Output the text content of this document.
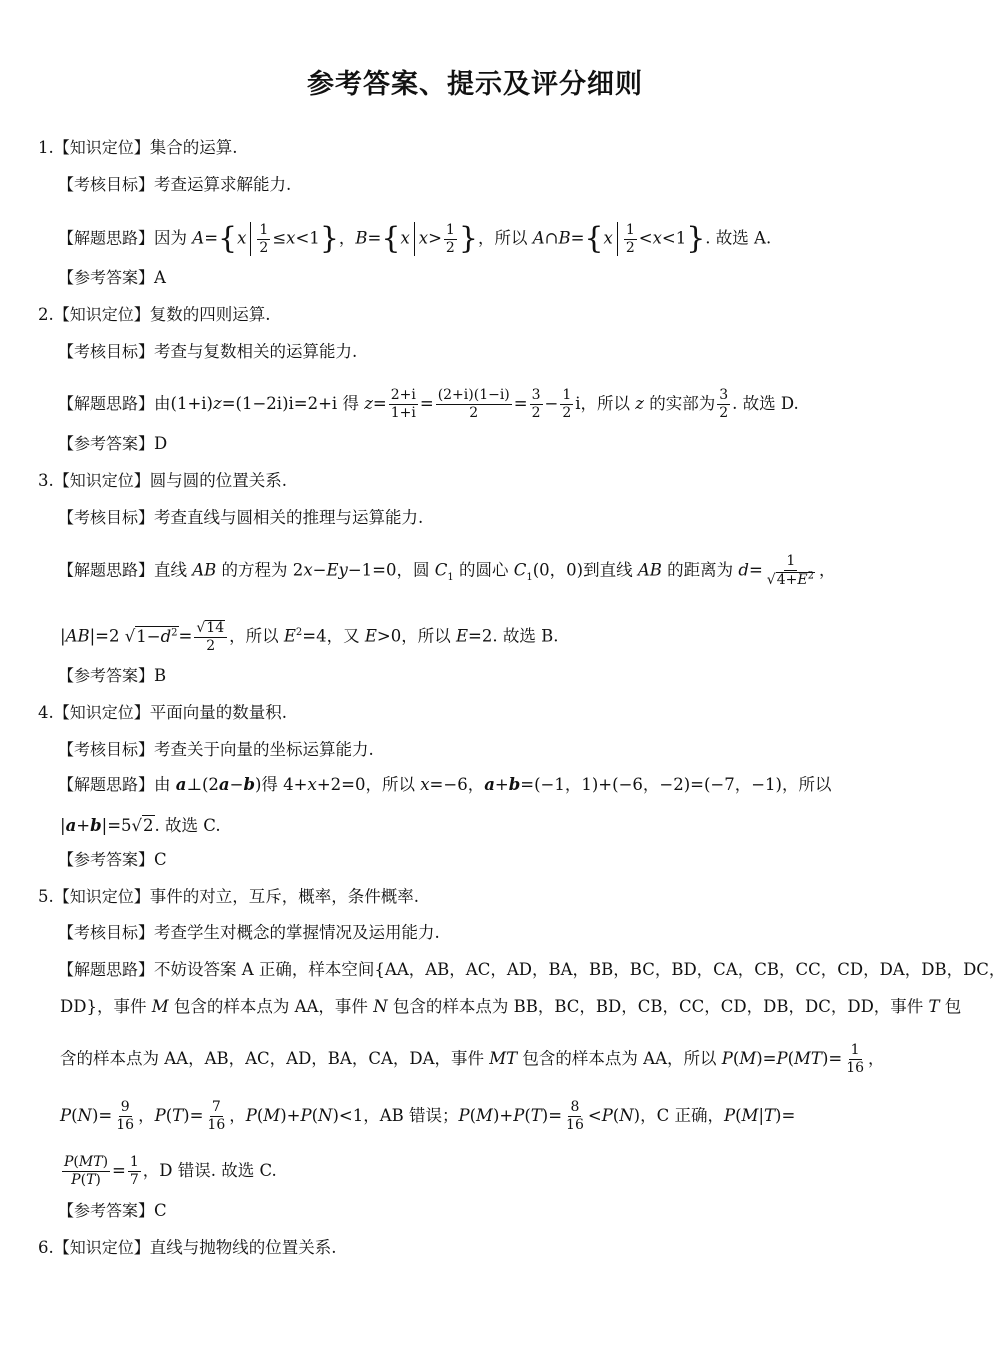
参考答案、提示及评分细则
1.【知识定位】集合的运算.
【考核目标】考查运算求解能力.
【解题思路】因为 $A=\{x \frac{1}{2} \le x<1\}$，B={x $x> \frac{1}{2}$ }，所以 A∩B={x $\frac{1}{2} <x<1$}. 故选 A.
【参考答案】A
2.【知识定位】复数的四则运算.
【考核目标】考查与复数相关的运算能力.
【解题思路】由(1+i)z=(1−2i)i=2+i 得 $z= \frac{2+i}{1+i} = \frac{(2+i)(1-i)}{2} = \frac{3}{2} - \frac{1}{2}$ i，所以 z 的实部为 $\frac{3}{2}$ . 故选 D.
【参考答案】D
3.【知识定位】圆与圆的位置关系.
【考核目标】考查直线与圆相关的推理与运算能力.
【解题思路】直线 AB 的方程为 2x−Ey−1=0，圆 $C_1$ 的圆心 $C_1(0$，0)到直线 AB 的距离为 $d= \frac{1}{√4+E^2}$ ，
|AB|=2 $√1-d^2= \frac{√14}{2}$ ，所以 $E^2=4$，又 E>0，所以 E=2. 故选 B.
【参考答案】B
4.【知识定位】平面向量的数量积.
【考核目标】考查关于向量的坐标运算能力.
【解题思路】由 a⊥(2a−b)得 4+x+2=0，所以 x=−6，a+b=(−1，1)+(−6，−2)=(−7，−1)，所以
|a+b|=5√2. 故选 C.
【参考答案】C
5.【知识定位】事件的对立，互斥，概率，条件概率.
【考核目标】考查学生对概念的掌握情况及运用能力.
【解题思路】不妨设答案 A 正确，样本空间{AA，AB，AC，AD，BA，BB，BC，BD，CA，CB，CC，CD，DA，DB，DC，
DD}，事件 M 包含的样本点为 AA，事件 N 包含的样本点为 BB，BC，BD，CB，CC，CD，DB，DC，DD，事件 T 包
含的样本点为 AA，AB，AC，AD，BA，CA，DA，事件 MT 包含的样本点为 AA，所以 $P(M)=P(MT)= \frac{1}{16}$ ，
$P(N)= \frac{9}{16}$ ，$P(T)= \frac{7}{16}$ ，P(M)+P(N)<1，AB 错误；$P(M)+P(T)= \frac{8}{16} <P(N)$，C 正确，P(M|T)=
$\frac{P(MT)}{P(T)} = \frac{1}{7}$ ，D 错误. 故选 C.
【参考答案】C
6.【知识定位】直线与抛物线的位置关系.
